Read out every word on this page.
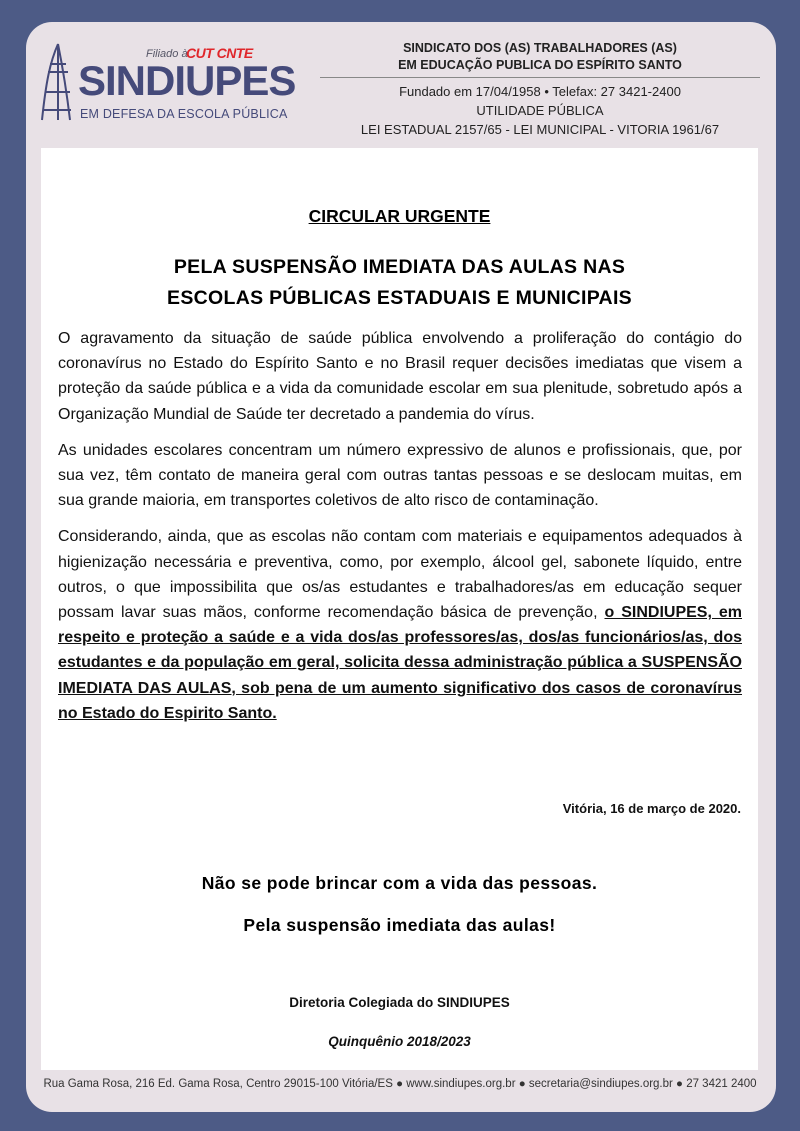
Filiado à
CUT CNTE
SINDIUPES
EM DEFESA DA ESCOLA PÚBLICA
SINDICATO DOS (AS) TRABALHADORES (AS)
EM EDUCAÇÃO PUBLICA DO ESPÍRITO SANTO
Fundado em 17/04/1958 • Telefax: 27 3421-2400
UTILIDADE PÚBLICA
LEI ESTADUAL 2157/65 - LEI MUNICIPAL - VITORIA 1961/67
CIRCULAR URGENTE
PELA SUSPENSÃO IMEDIATA DAS AULAS NAS
ESCOLAS PÚBLICAS ESTADUAIS E MUNICIPAIS

O agravamento da situação de saúde pública envolvendo a proliferação do contágio do coronavírus no Estado do Espírito Santo e no Brasil requer decisões imediatas que visem a proteção da saúde pública e a vida da comunidade escolar em sua plenitude, sobretudo após a Organização Mundial de Saúde ter decretado a pandemia do vírus.

As unidades escolares concentram um número expressivo de alunos e profissionais, que, por sua vez, têm contato de maneira geral com outras tantas pessoas e se deslocam muitas, em sua grande maioria, em transportes coletivos de alto risco de contaminação.

Considerando, ainda, que as escolas não contam com materiais e equipamentos adequados à higienização necessária e preventiva, como, por exemplo, álcool gel, sabonete líquido, entre outros, o que impossibilita que os/as estudantes e trabalhadores/as em educação sequer possam lavar suas mãos, conforme recomendação básica de prevenção, o SINDIUPES, em respeito e proteção a saúde e a vida dos/as professores/as, dos/as funcionários/as, dos estudantes e da população em geral, solicita dessa administração pública a SUSPENSÃO IMEDIATA DAS AULAS, sob pena de um aumento significativo dos casos de coronavírus no Estado do Espirito Santo.

Vitória, 16 de março de 2020.
Não se pode brincar com a vida das pessoas.
Pela suspensão imediata das aulas!
Diretoria Colegiada do SINDIUPES
Quinquênio 2018/2023
Rua Gama Rosa, 216 Ed. Gama Rosa, Centro 29015-100 Vitória/ES ● www.sindiupes.org.br ● secretaria@sindiupes.org.br ● 27 3421 2400
